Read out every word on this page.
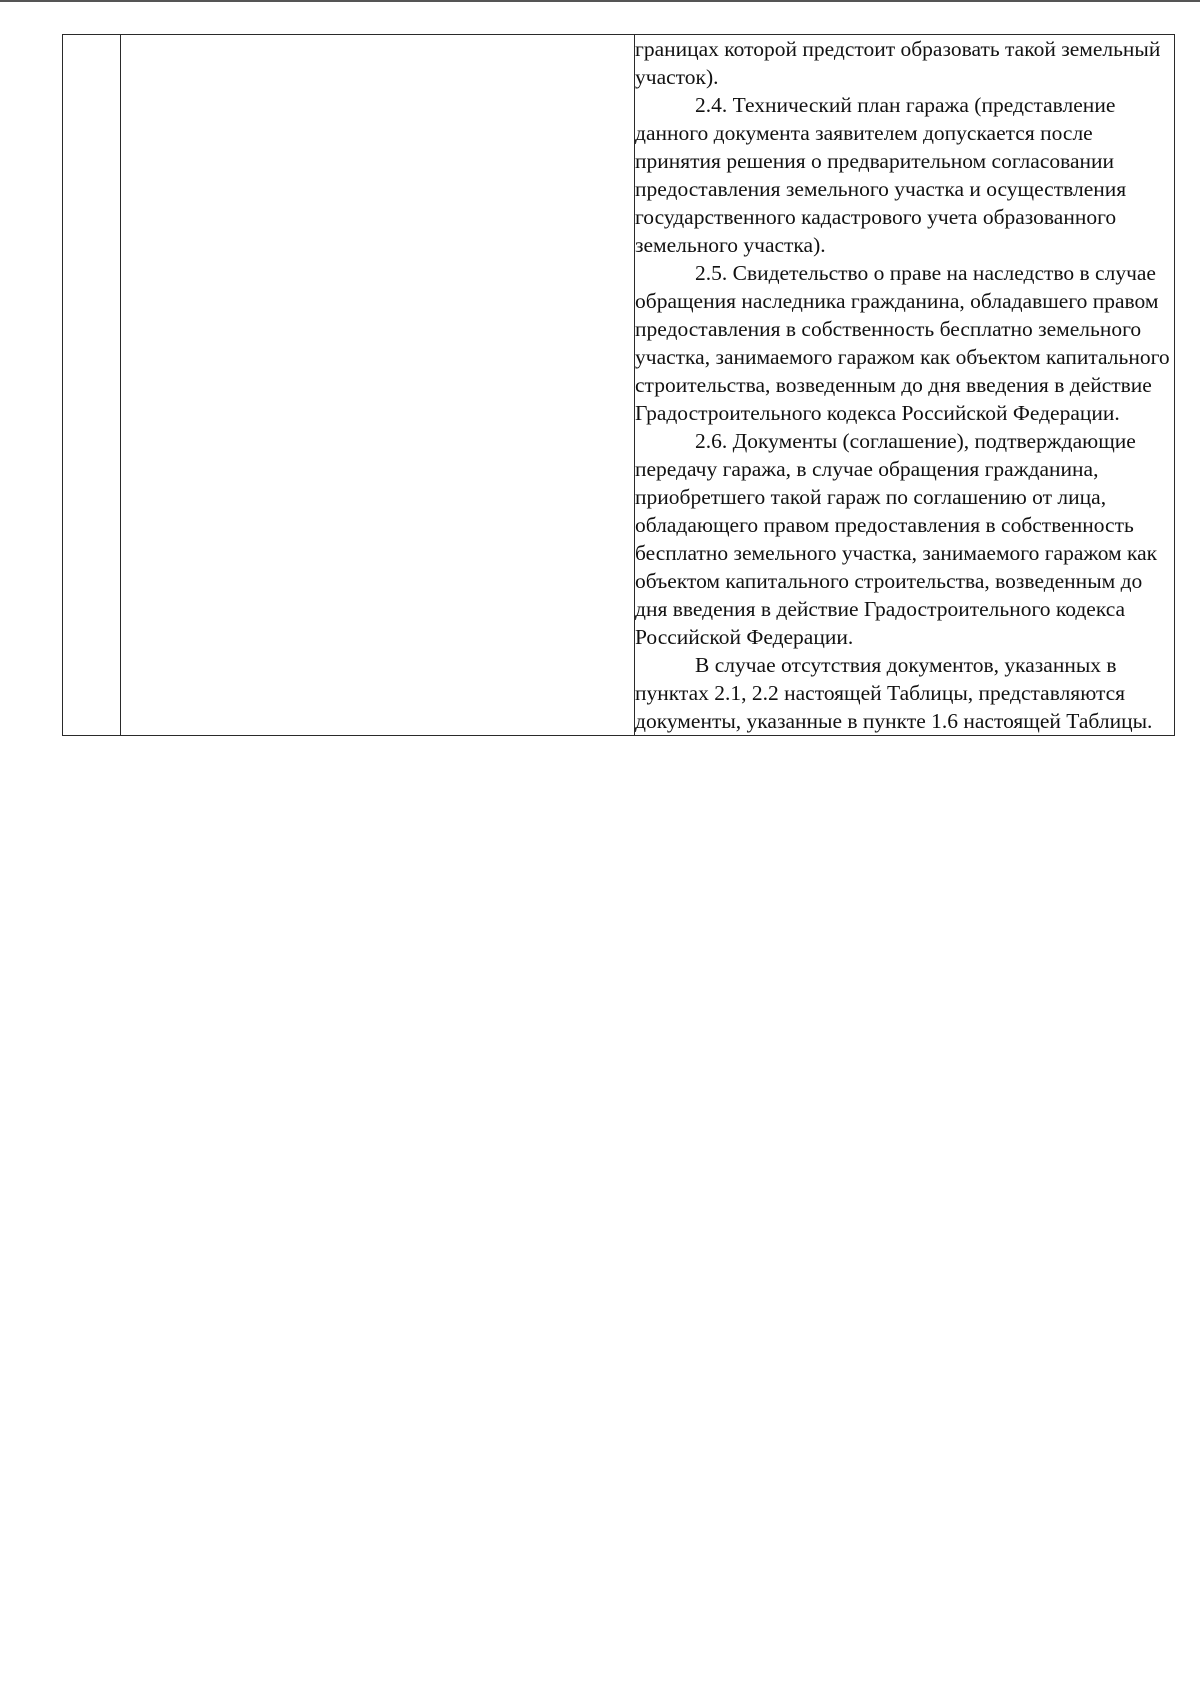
границах которой предстоит образовать такой земельный участок).

2.4. Технический план гаража (представление данного документа заявителем допускается после принятия решения о предварительном согласовании предоставления земельного участка и осуществления государственного кадастрового учета образованного земельного участка).

2.5. Свидетельство о праве на наследство в случае обращения наследника гражданина, обладавшего правом предоставления в собственность бесплатно земельного участка, занимаемого гаражом как объектом капитального строительства, возведенным до дня введения в действие Градостроительного кодекса Российской Федерации.

2.6. Документы (соглашение), подтверждающие передачу гаража, в случае обращения гражданина, приобретшего такой гараж по соглашению от лица, обладающего правом предоставления в собственность бесплатно земельного участка, занимаемого гаражом как объектом капитального строительства, возведенным до дня введения в действие Градостроительного кодекса Российской Федерации.

В случае отсутствия документов, указанных в пунктах 2.1, 2.2 настоящей Таблицы, представляются документы, указанные в пункте 1.6 настоящей Таблицы.
